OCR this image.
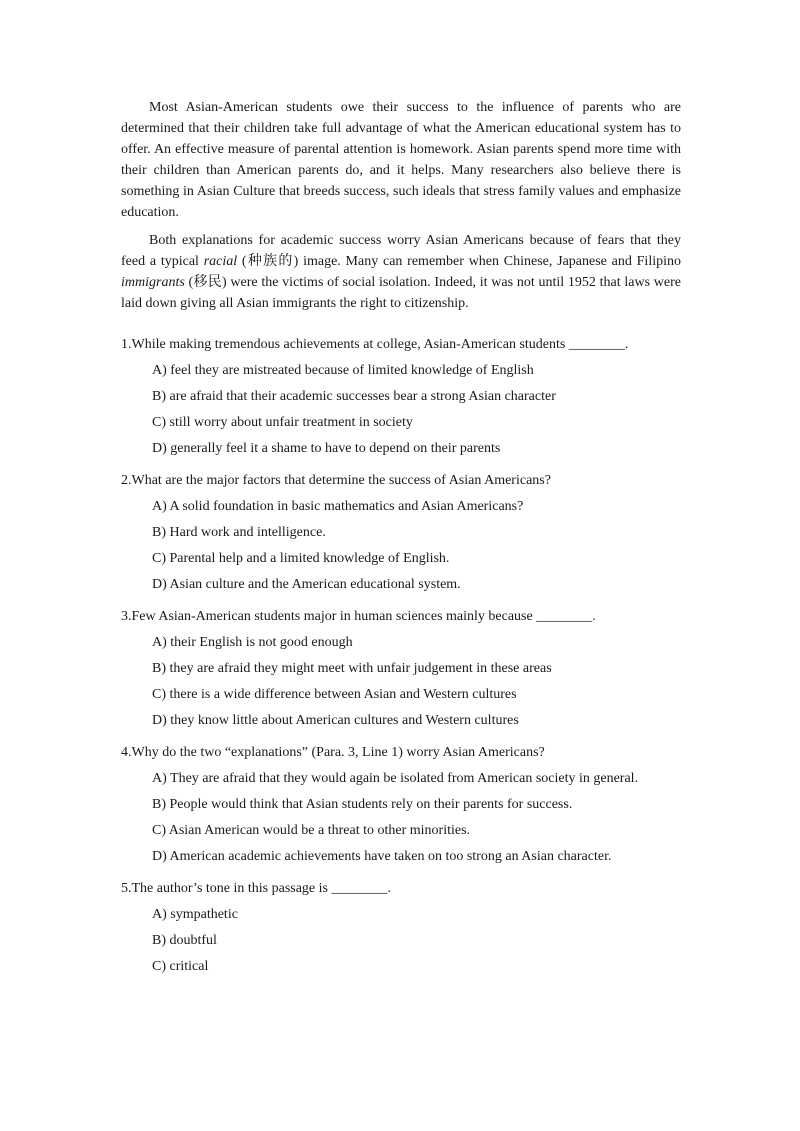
Most Asian-American students owe their success to the influence of parents who are determined that their children take full advantage of what the American educational system has to offer. An effective measure of parental attention is homework. Asian parents spend more time with their children than American parents do, and it helps. Many researchers also believe there is something in Asian Culture that breeds success, such ideals that stress family values and emphasize education.

Both explanations for academic success worry Asian Americans because of fears that they feed a typical racial (种族的) image. Many can remember when Chinese, Japanese and Filipino immigrants (移民) were the victims of social isolation. Indeed, it was not until 1952 that laws were laid down giving all Asian immigrants the right to citizenship.

1.While making tremendous achievements at college, Asian-American students ________.

A) feel they are mistreated because of limited knowledge of English

B) are afraid that their academic successes bear a strong Asian character

C) still worry about unfair treatment in society

D) generally feel it a shame to have to depend on their parents

2.What are the major factors that determine the success of Asian Americans?

A) A solid foundation in basic mathematics and Asian Americans?

B) Hard work and intelligence.

C) Parental help and a limited knowledge of English.

D) Asian culture and the American educational system.

3.Few Asian-American students major in human sciences mainly because ________.

A) their English is not good enough

B) they are afraid they might meet with unfair judgement in these areas

C) there is a wide difference between Asian and Western cultures

D) they know little about American cultures and Western cultures

4.Why do the two “explanations” (Para. 3, Line 1) worry Asian Americans?

A) They are afraid that they would again be isolated from American society in general.

B) People would think that Asian students rely on their parents for success.

C) Asian American would be a threat to other minorities.

D) American academic achievements have taken on too strong an Asian character.

5.The author’s tone in this passage is ________.

A) sympathetic

B) doubtful

C) critical
